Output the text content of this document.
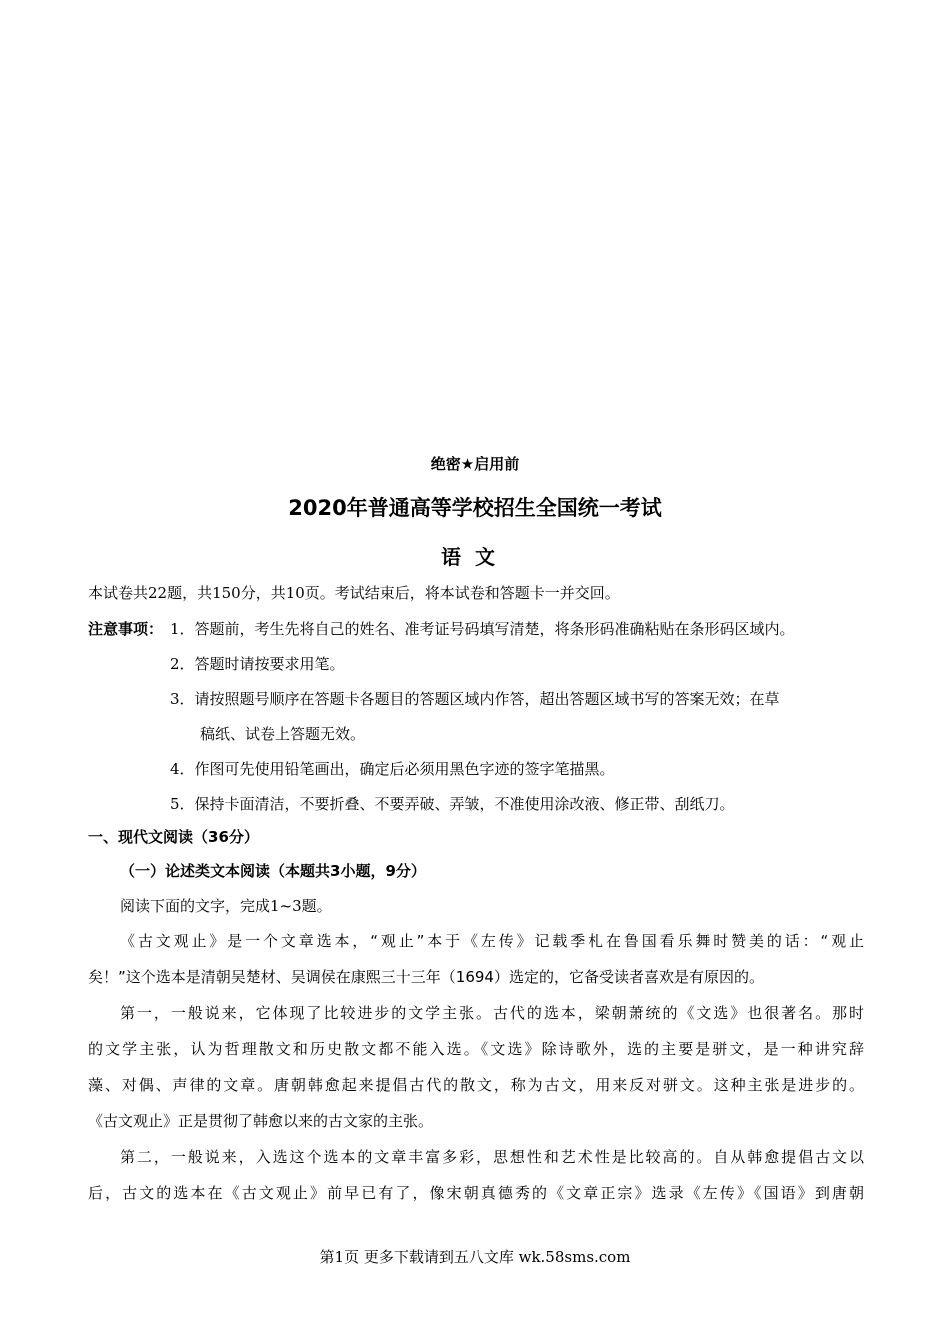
绝密★启用前
2020年普通高等学校招生全国统一考试
语文
本试卷共22题，共150分，共10页。考试结束后，将本试卷和答题卡一并交回。
注意事项： 1．答题前，考生先将自己的姓名、准考证号码填写清楚，将条形码准确粘贴在条形码区域内。
2．答题时请按要求用笔。
3．请按照题号顺序在答题卡各题目的答题区域内作答，超出答题区域书写的答案无效；在草
稿纸、试卷上答题无效。
4．作图可先使用铅笔画出，确定后必须用黑色字迹的签字笔描黑。
5．保持卡面清洁，不要折叠、不要弄破、弄皱，不准使用涂改液、修正带、刮纸刀。
一、现代文阅读（36分）
（一）论述类文本阅读（本题共3小题，9分）
阅读下面的文字，完成1~3题。
《古文观止》是一个文章选本，“观止”本于《左传》记载季札在鲁国看乐舞时赞美的话：“观止
矣！”这个选本是清朝吴楚材、吴调侯在康熙三十三年（1694）选定的，它备受读者喜欢是有原因的。
第一，一般说来，它体现了比较进步的文学主张。古代的选本，梁朝萧统的《文选》也很著名。那时
的文学主张，认为哲理散文和历史散文都不能入选。《文选》除诗歌外，选的主要是骈文，是一种讲究辞
藻、对偶、声律的文章。唐朝韩愈起来提倡古代的散文，称为古文，用来反对骈文。这种主张是进步的。
《古文观止》正是贯彻了韩愈以来的古文家的主张。
第二，一般说来，入选这个选本的文章丰富多彩，思想性和艺术性是比较高的。自从韩愈提倡古文以
后，古文的选本在《古文观止》前早已有了，像宋朝真德秀的《文章正宗》选录《左传》《国语》到唐朝
第1页 更多下载请到五八文库 wk.58sms.com
